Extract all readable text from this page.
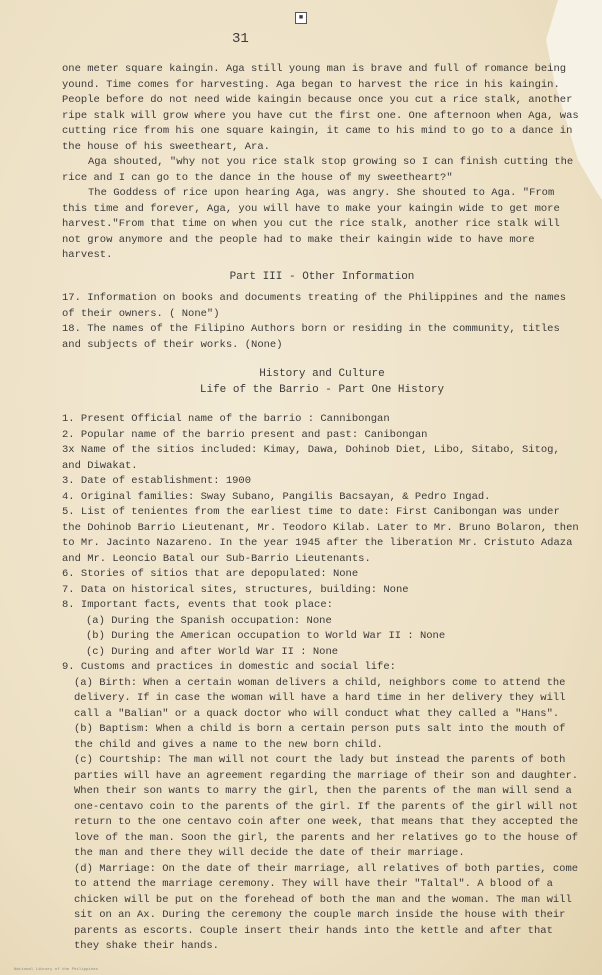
■
31

one meter square kaingin. Aga still young man is brave and full of romance being yound. Time comes for harvesting. Aga began to harvest the rice in his kaingin. People before do not need wide kaingin because once you cut a rice stalk, another ripe stalk will grow where you have cut the first one. One afternoon when Aga, was cutting rice from his one square kaingin, it came to his mind to go to a dance in the house of his sweetheart, Ara.

Aga shouted, "why not you rice stalk stop growing so I can finish cutting the rice and I can go to the dance in the house of my sweetheart?"

The Goddess of rice upon hearing Aga, was angry. She shouted to Aga. "From this time and forever, Aga, you will have to make your kaingin wide to get more harvest."From that time on when you cut the rice stalk, another rice stalk will not grow anymore and the people had to make their kaingin wide to have more harvest.

Part III - Other Information

17. Information on books and documents treating of the Philippines and the names of their owners. ( None")

18. The names of the Filipino Authors born or residing in the community, titles and subjects of their works. (None)

History and Culture

Life of the Barrio - Part One History

1. Present Official name of the barrio : Cannibongan

2. Popular name of the barrio present and past: Canibongan

3x Name of the sitios included: Kimay, Dawa, Dohinob Diet, Libo, Sitabo, Sitog, and Diwakat.

3. Date of establishment: 1900

4. Original families: Sway Subano, Pangilis Bacsayan, & Pedro Ingad.

5. List of tenientes from the earliest time to date: First Canibongan was under the Dohinob Barrio Lieutenant, Mr. Teodoro Kilab. Later to Mr. Bruno Bolaron, then to Mr. Jacinto Nazareno. In the year 1945 after the liberation Mr. Cristuto Adaza and Mr. Leoncio Batal our Sub-Barrio Lieutenants.

6. Stories of sitios that are depopulated: None

7. Data on historical sites, structures, building: None

8. Important facts, events that took place:

(a) During the Spanish occupation: None

(b) During the American occupation to World War II : None

(c) During and after World War II : None

9. Customs and practices in domestic and social life:

(a) Birth: When a certain woman delivers a child, neighbors come to attend the delivery. If in case the woman will have a hard time in her delivery they will call a "Balian" or a quack doctor who will conduct what they called a "Hans".

(b) Baptism: When a child is born a certain person puts salt into the mouth of the child and gives a name to the new born child.

(c) Courtship: The man will not court the lady but instead the parents of both parties will have an agreement regarding the marriage of their son and daughter. When their son wants to marry the girl, then the parents of the man will send a one-centavo coin to the parents of the girl. If the parents of the girl will not return to the one centavo coin after one week, that means that they accepted the love of the man. Soon the girl, the parents and her relatives go to the house of the man and there they will decide the date of their marriage.

(d) Marriage: On the date of their marriage, all relatives of both parties, come to attend the marriage ceremony. They will have their "Taltal". A blood of a chicken will be put on the forehead of both the man and the woman. The man will sit on an Ax. During the ceremony the couple march inside the house with their parents as escorts. Couple insert their hands into the kettle and after that they shake their hands.

National Library of the Philippines
